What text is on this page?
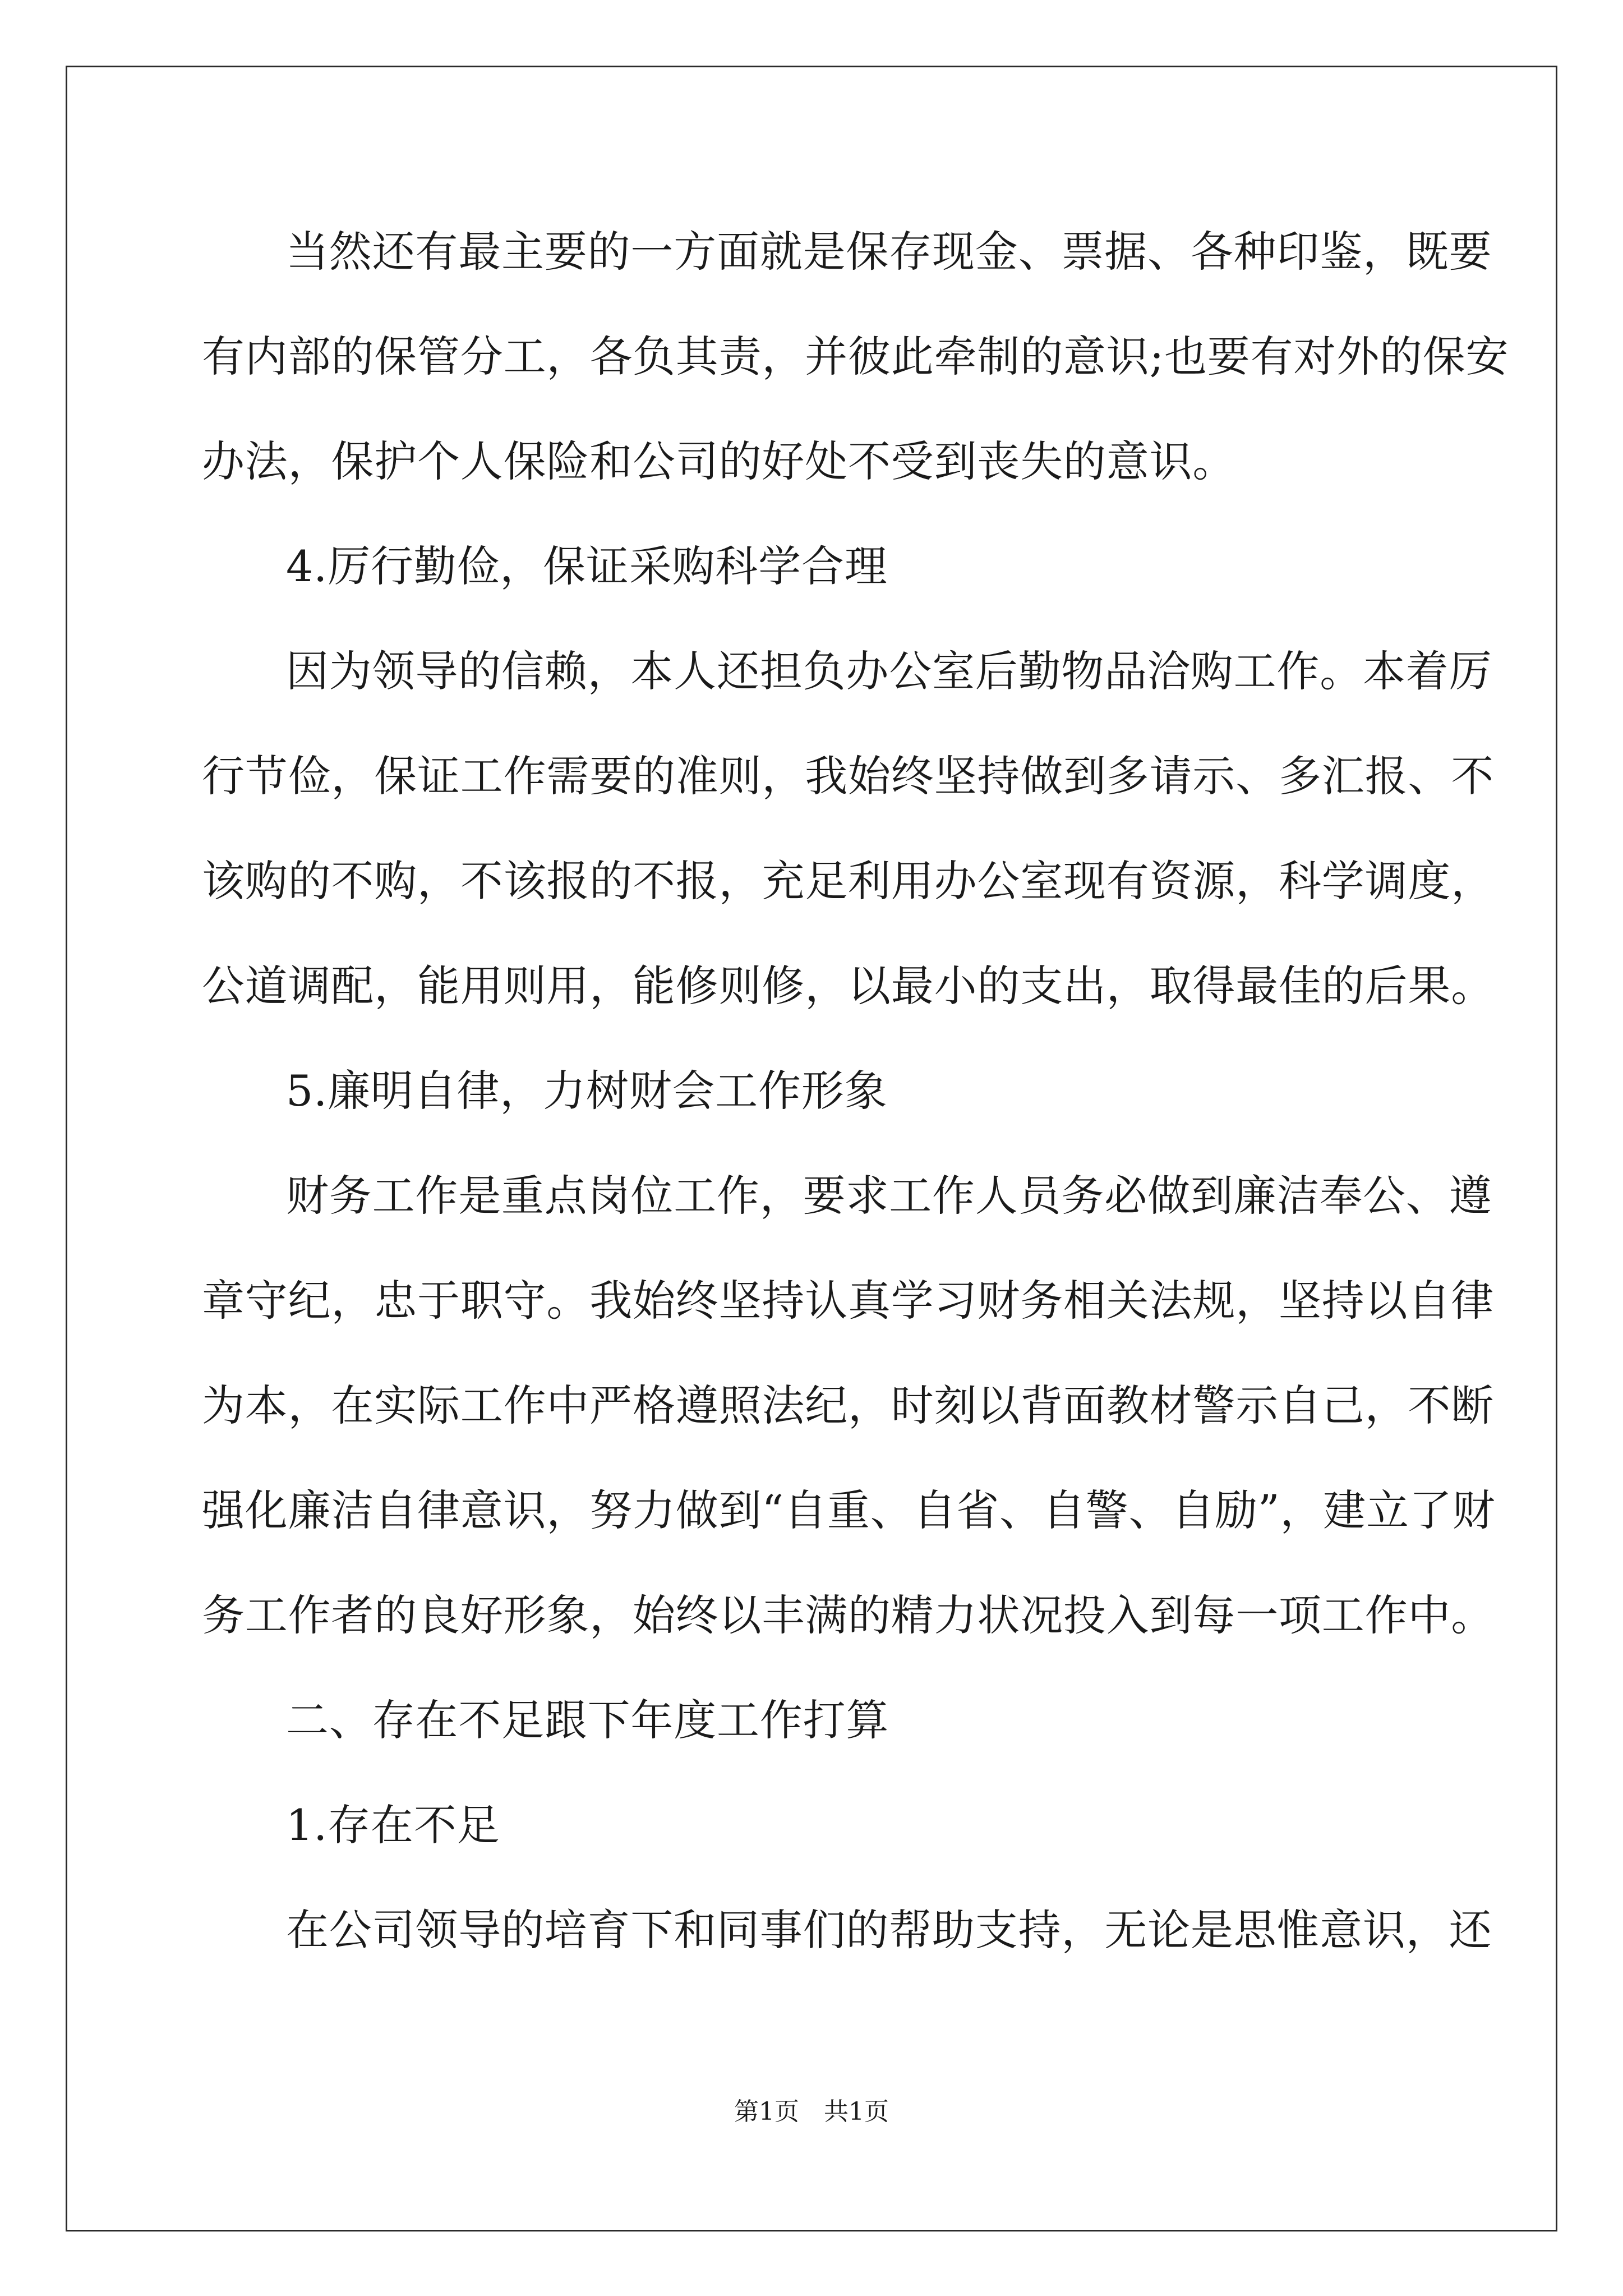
当然还有最主要的一方面就是保存现金、票据、各种印鉴，既要

有内部的保管分工，各负其责，并彼此牵制的意识;也要有对外的保安

办法，保护个人保险和公司的好处不受到丧失的意识。

4.厉行勤俭，保证采购科学合理

因为领导的信赖，本人还担负办公室后勤物品洽购工作。本着厉

行节俭，保证工作需要的准则，我始终坚持做到多请示、多汇报、不

该购的不购，不该报的不报，充足利用办公室现有资源，科学调度，

公道调配，能用则用，能修则修，以最小的支出，取得最佳的后果。

5.廉明自律，力树财会工作形象

财务工作是重点岗位工作，要求工作人员务必做到廉洁奉公、遵

章守纪，忠于职守。我始终坚持认真学习财务相关法规，坚持以自律

为本，在实际工作中严格遵照法纪，时刻以背面教材警示自己，不断

强化廉洁自律意识，努力做到“自重、自省、自警、自励”，建立了财

务工作者的良好形象，始终以丰满的精力状况投入到每一项工作中。

二、存在不足跟下年度工作打算

1.存在不足

在公司领导的培育下和同事们的帮助支持，无论是思惟意识，还

第1页　共1页
